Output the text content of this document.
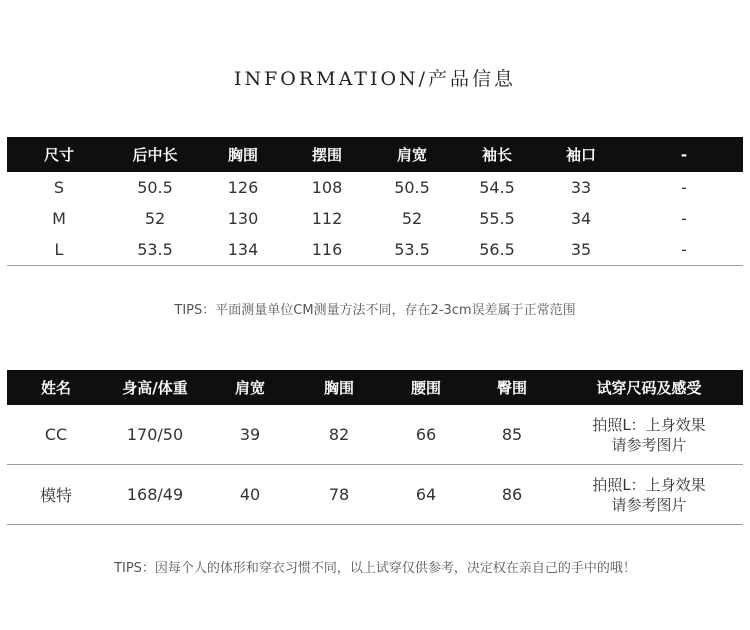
INFORMATION/产品信息
尺寸	后中长	胸围	摆围	肩宽	袖长	袖口	-
S	50.5	126	108	50.5	54.5	33	-
M	52	130	112	52	55.5	34	-
L	53.5	134	116	53.5	56.5	35	-
TIPS：平面测量单位CM测量方法不同，存在2-3cm误差属于正常范围
姓名	身高/体重	肩宽	胸围	腰围	臀围	试穿尺码及感受
CC	170/50	39	82	66	85	拍照L：上身效果
请参考图片

模特	168/49	40	78	64	86	拍照L：上身效果
请参考图片
TIPS：因每个人的体形和穿衣习惯不同，以上试穿仅供参考，决定权在亲自己的手中的哦！
